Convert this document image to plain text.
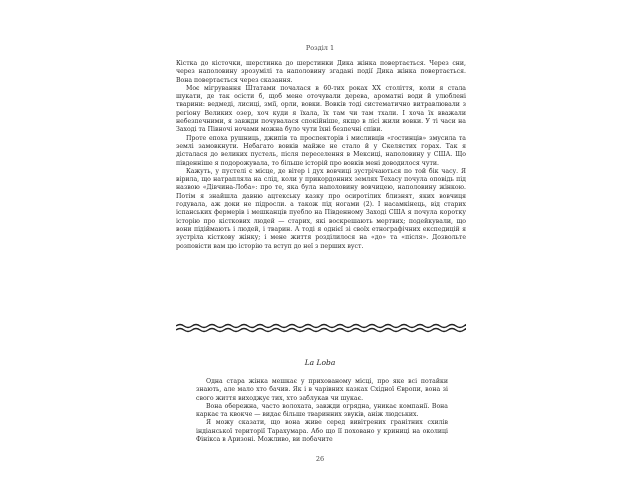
Розділ 1

Кістка до кісточки, шерстинка до шерстинки Дика жінка повертається. Через сни, через наполовину зрозумілі та наполовину згадані події Дика жінка повертається. Вона повертається через сказання.

Моє мігрування Штатами почалася в 60-тих роках ХХ століття, коли я стала шукати, де так осісти б, щоб мене оточували дерева, ароматні води й улюблені тварини: ведмеді, лисиці, змії, орли, вовки. Вовків тоді систематично витравлювали з регіону Великих озер, хоч куди я їхала, їх там чи там тхали. І хоча їх вважали небезпечними, я завжди почувалася спокійніше, якщо в лісі жили вовки. У ті часи на Заході та Півночі ночами можна було чути їхні безпечні співи.

Проте епоха рушниць, джипів та проспекторів і мисливців «гостинців» змусила та землі замовкнути. Небагато вовків майже не стало й у Скелястих горах. Так я дісталася до великих пустель, після переселення в Мексиці, наполовину у США. Що південніше я подорожувала, то більше історій про вовків мені доводилося чути.

Кажуть, у пустелі є місце, де вітер і дух вовчиці зустрічаються по той бік часу. Я вірила, що натрапляла на слід, коли у прикордонних землях Техасу почула оповідь під назвою «Дівчина-Лоба»: про те, яка була наполовину вовчицею, наполовину жінкою. Потім я знайшла давню ацтекську казку про осиротілих близнят, яких вовчиця годувала, аж доки не підросли. а також під ногами (2). І насамкінець, від старих іспанських фермерів і мешканців пуебло на Південному Заході США я почула коротку історію про кісткових людей — старих, які воскрешають мертвих; подейкували, що вони підіймають і людей, і тварин. А тоді я однієї зі своїх етнографічних експедицій я зустріла кісткову жінку; і мене життя розділилося на «до» та «після». Дозвольте розповісти вам цю історію та вступ до неї з перших вуст.

La Loba

Одна стара жінка мешкає у прихованому місці, про яке всі потайки знають, але мало хто бачив. Як і в чарівних казках Східної Європи, вона зі свого життя виходжує тих, хто заблукав чи шукає.

Вона обережна, часто волохата, завжди огрядна, уникає компанії. Вона каркає та квокче — видає більше тваринних звуків, аніж людських.

Я можу сказати, що вона живе серед вивітрених гранітних схилів індіанської території Тарахумара. Або що її поховано у криниці на околиці Фінікса в Аризоні. Можливо, ви побачите

26
